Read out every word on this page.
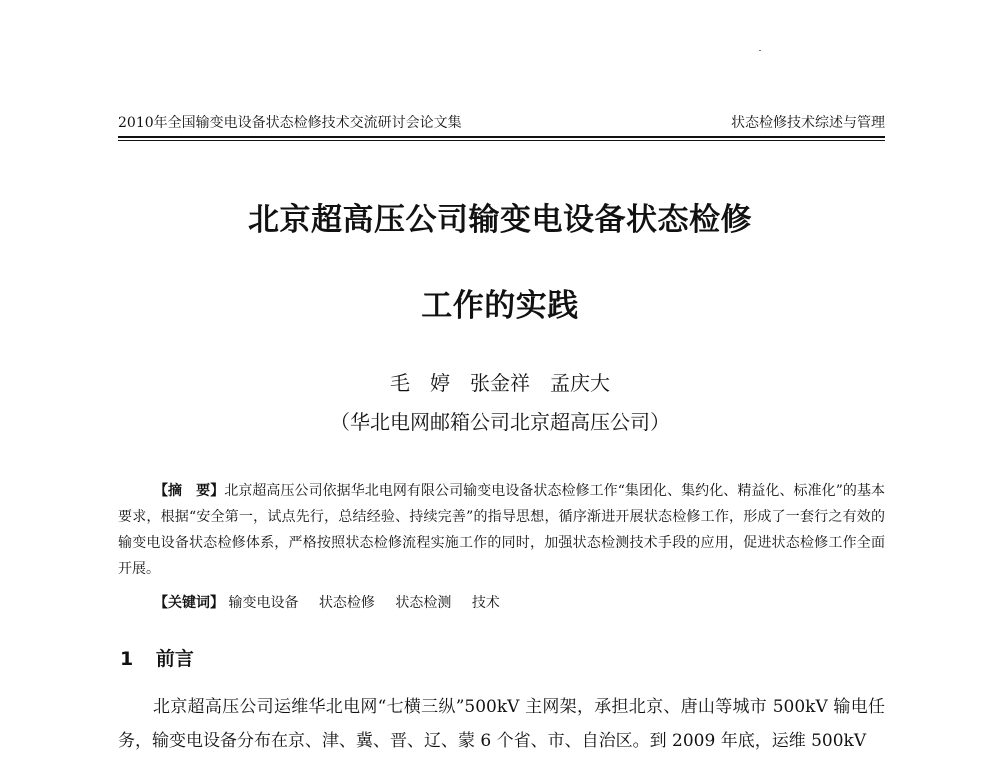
2010年全国输变电设备状态检修技术交流研讨会论文集	状态检修技术综述与管理
北京超高压公司输变电设备状态检修
工作的实践
毛　婷　张金祥　孟庆大
（华北电网邮箱公司北京超高压公司）
【摘　要】北京超高压公司依据华北电网有限公司输变电设备状态检修工作“集团化、集约化、精益化、标准化”的基本要求，根据“安全第一，试点先行，总结经验、持续完善”的指导思想，循序渐进开展状态检修工作，形成了一套行之有效的输变电设备状态检修体系，严格按照状态检修流程实施工作的同时，加强状态检测技术手段的应用，促进状态检修工作全面开展。
【关键词】 输变电设备 状态检修 状态检测 技术
1 前言
北京超高压公司运维华北电网“七横三纵”500kV 主网架，承担北京、唐山等城市 500kV 输电任务，输变电设备分布在京、津、冀、晋、辽、蒙 6 个省、市、自治区。到 2009 年底，运维 500kV
